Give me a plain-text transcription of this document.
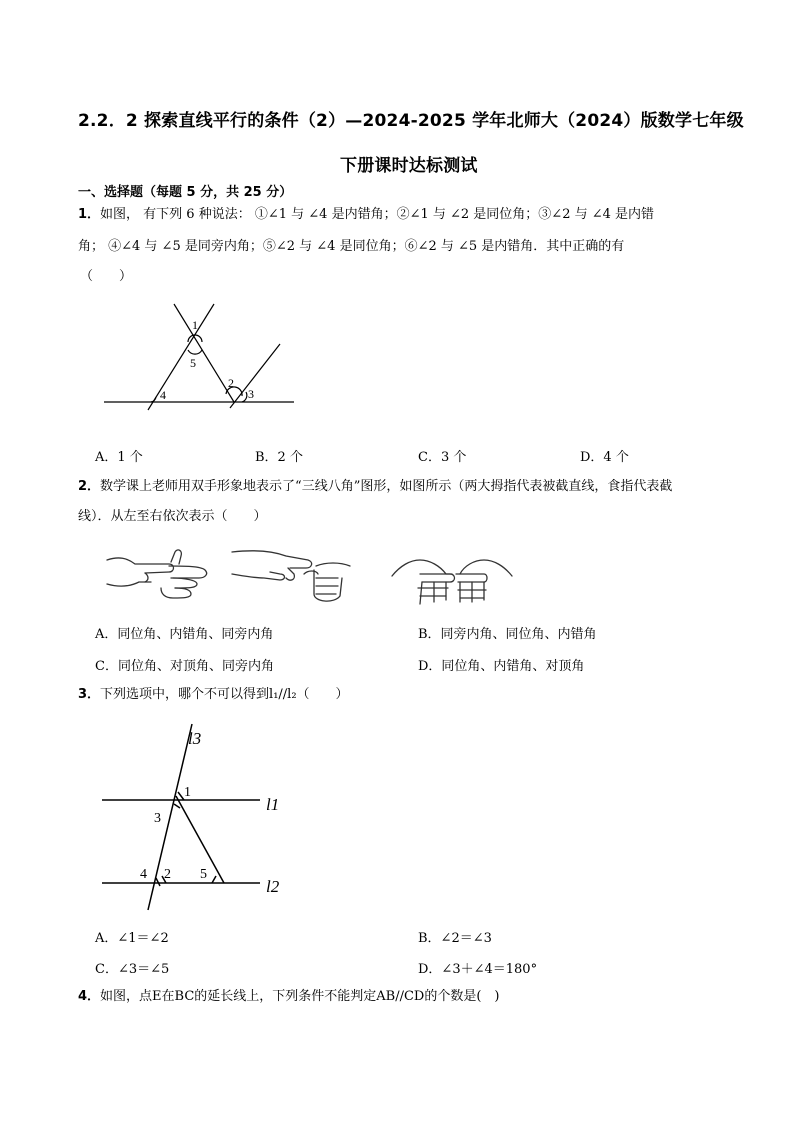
2.2．2 探索直线平行的条件（2）—2024-2025 学年北师大（2024）版数学七年级
下册课时达标测试
一、选择题（每题 5 分，共 25 分）
1．如图， 有下列 6 种说法： ①∠1 与 ∠4 是内错角；②∠1 与 ∠2 是同位角；③∠2 与 ∠4 是内错
角； ④∠4 与 ∠5 是同旁内角；⑤∠2 与 ∠4 是同位角；⑥∠2 与 ∠5 是内错角．其中正确的有
（　　）
1
5
2
3
4
A．1 个	B．2 个	C．3 个	D．4 个
2．数学课上老师用双手形象地表示了“三线八角”图形，如图所示（两大拇指代表被截直线，食指代表截
线）．从左至右依次表示（　　）
A．同位角、内错角、同旁内角	B．同旁内角、同位角、内错角
C．同位角、对顶角、同旁内角	D．同位角、内错角、对顶角
3．下列选项中，哪个不可以得到l₁//l₂（　　）
l3
1
l1
3
4 2 5
l2
A．∠1＝∠2	B．∠2＝∠3
C．∠3＝∠5	D．∠3＋∠4＝180°
4．如图，点E在BC的延长线上，下列条件不能判定AB//CD的个数是(　)
